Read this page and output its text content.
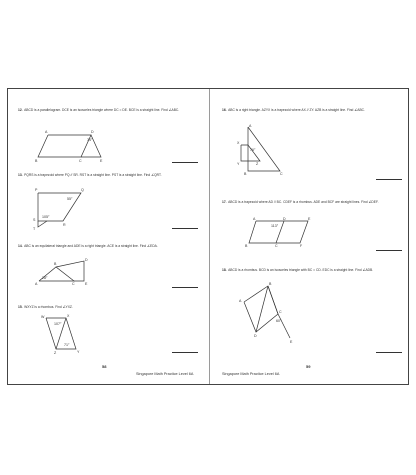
12. ABCD is a parallelogram. DCE is an isosceles triangle where DC = DE. BCE is a straight line. Find ∠ABC.
A	D
B	C	E
74°
13. PQRS is a trapezoid where PQ // SR. RST is a straight line. PST is a straight line. Find ∠QRT.
P	Q
R
S
T
55°
105°
14. ABC is an equilateral triangle and ADE is a right triangle. ACE is a straight line. Find ∠EDA.
A
B
C
D
E
28°
15. WXYZ is a rhombus. Find ∠YXZ.
W	X
Y
Z
107°
71°
58
Singapore Math Practice Level 6A
16. ABC is a right triangle. AZYX is a trapezoid where AX // ZY. AZB is a straight line. Find ∠ABC.
A
B	C
X
Y	Z
76°
17. ABCD is a trapezoid where AD // BC. CDEF is a rhombus. ADE and BCF are straight lines. Find ∠DEF.
A
B	C
D	E
F
113°
18. ABCD is a rhombus. BCD is an isosceles triangle with BC = CD. EDC is a straight line. Find ∠ADB.
A
B
C
D
E
60°
Singapore Math Practice Level 6A
59
